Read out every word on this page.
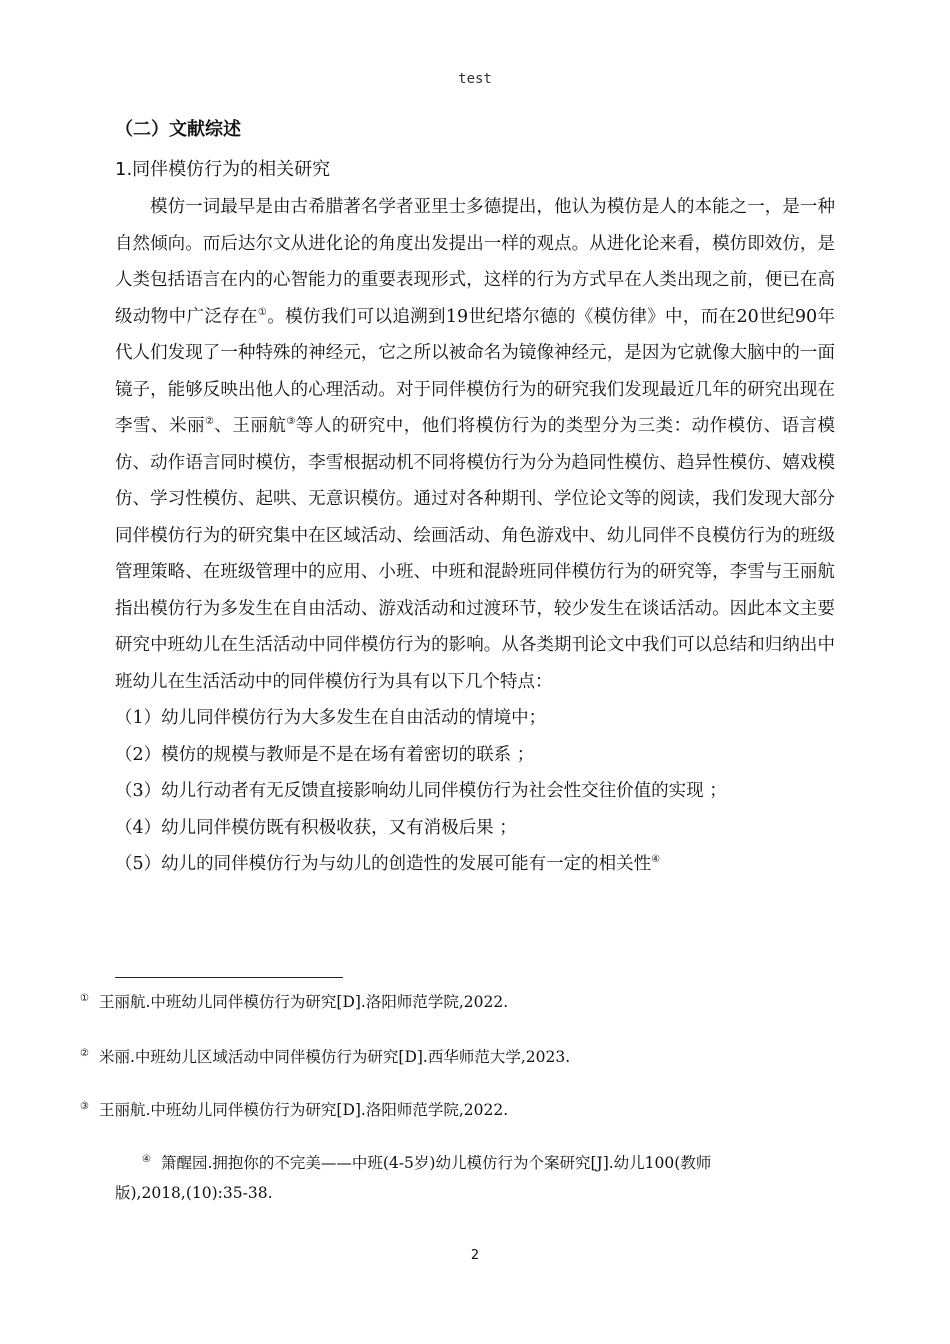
test
（二）文献综述
1.同伴模仿行为的相关研究

模仿一词最早是由古希腊著名学者亚里士多德提出，他认为模仿是人的本能之一，是一种自然倾向。而后达尔文从进化论的角度出发提出一样的观点。从进化论来看，模仿即效仿，是人类包括语言在内的心智能力的重要表现形式，这样的行为方式早在人类出现之前，便已在高级动物中广泛存在①。模仿我们可以追溯到19世纪塔尔德的《模仿律》中，而在20世纪90年代人们发现了一种特殊的神经元，它之所以被命名为镜像神经元，是因为它就像大脑中的一面镜子，能够反映出他人的心理活动。对于同伴模仿行为的研究我们发现最近几年的研究出现在李雪、米丽②、王丽航③等人的研究中，他们将模仿行为的类型分为三类：动作模仿、语言模仿、动作语言同时模仿，李雪根据动机不同将模仿行为分为趋同性模仿、趋异性模仿、嬉戏模仿、学习性模仿、起哄、无意识模仿。通过对各种期刊、学位论文等的阅读，我们发现大部分同伴模仿行为的研究集中在区域活动、绘画活动、角色游戏中、幼儿同伴不良模仿行为的班级管理策略、在班级管理中的应用、小班、中班和混龄班同伴模仿行为的研究等，李雪与王丽航指出模仿行为多发生在自由活动、游戏活动和过渡环节，较少发生在谈话活动。因此本文主要研究中班幼儿在生活活动中同伴模仿行为的影响。从各类期刊论文中我们可以总结和归纳出中班幼儿在生活活动中的同伴模仿行为具有以下几个特点：

（1）幼儿同伴模仿行为大多发生在自由活动的情境中；

（2）模仿的规模与教师是不是在场有着密切的联系 ；

（3）幼儿行动者有无反馈直接影响幼儿同伴模仿行为社会性交往价值的实现 ；

（4）幼儿同伴模仿既有积极收获，又有消极后果 ；

（5）幼儿的同伴模仿行为与幼儿的创造性的发展可能有一定的相关性④

① 王丽航.中班幼儿同伴模仿行为研究[D].洛阳师范学院,2022.
② 米丽.中班幼儿区域活动中同伴模仿行为研究[D].西华师范大学,2023.
③ 王丽航.中班幼儿同伴模仿行为研究[D].洛阳师范学院,2022.
④ 箫醒园.拥抱你的不完美——中班(4-5岁)幼儿模仿行为个案研究[J].幼儿100(教师
版),2018,(10):35-38.
2
